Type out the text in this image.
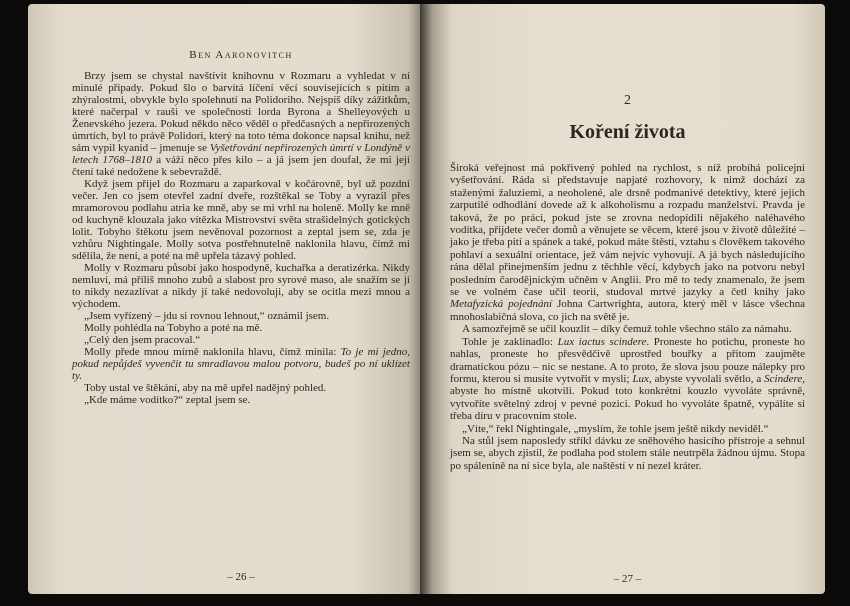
Ben Aaronovitch

Brzy jsem se chystal navštívit knihovnu v Rozmaru a vyhledat v ní minulé případy. Pokud šlo o barvitá líčení věcí souvisejících s pitím a zhýralostmi, obvykle bylo spolehnutí na Polidoriho. Nejspíš díky zážitkům, které načerpal v rauši ve společnosti lorda Byrona a Shelleyových u Ženevského jezera. Pokud někdo něco věděl o předčasných a nepřirozených úmrtích, byl to právě Polidori, který na toto téma dokonce napsal knihu, než sám vypil kyanid – jmenuje se Vyšetřování nepřirozených úmrtí v Londýně v letech 1768–1810 a váží něco přes kilo – a já jsem jen doufal, že mi její čtení také nedožene k sebevraždě.

Když jsem přijel do Rozmaru a zaparkoval v kočárovně, byl už pozdní večer. Jen co jsem otevřel zadní dveře, rozštěkal se Toby a vyrazil přes mramorovou podlahu atria ke mně, aby se mi vrhl na holeně. Molly ke mně od kuchyně klouzala jako vítězka Mistrovství světa strašidelných gotických lolit. Tobyho štěkotu jsem nevěnoval pozornost a zeptal jsem se, zda je vzhůru Nightingale. Molly sotva postřehnutelně naklonila hlavu, čímž mi sdělila, že není, a poté na mě upřela tázavý pohled.

Molly v Rozmaru působí jako hospodyně, kuchařka a deratizérka. Nikdy nemluví, má příliš mnoho zubů a slabost pro syrové maso, ale snažím se jí to nikdy nezazlívat a nikdy jí také nedovoluji, aby se ocitla mezi mnou a východem.

„Jsem vyřízený – jdu si rovnou lehnout,“ oznámil jsem.

Molly pohlédla na Tobyho a poté na mě.

„Celý den jsem pracoval.“

Molly přede mnou mírně naklonila hlavu, čímž mínila: To je mi jedno, pokud nepůjdeš vyvenčit tu smradlavou malou potvoru, budeš po ní uklízet ty.

Toby ustal ve štěkání, aby na mě upřel nadějný pohled.

„Kde máme vodítko?“ zeptal jsem se.

– 26 –
2
Koření života

Široká veřejnost má pokřivený pohled na rychlost, s níž probíhá policejní vyšetřování. Ráda si představuje napjaté rozhovory, k nimž dochází za staženými žaluziemi, a neoholené, ale drsně podmanivé detektivy, které jejich zarputilé odhodlání dovede až k alkoholismu a rozpadu manželství. Pravda je taková, že po práci, pokud jste se zrovna nedopídili nějakého naléhavého vodítka, přijdete večer domů a věnujete se věcem, které jsou v životě důležité – jako je třeba pití a spánek a také, pokud máte štěstí, vztahu s člověkem takového pohlaví a sexuální orientace, jež vám nejvíc vyhovují. A já bych následujícího rána dělal přinejmenším jednu z těchhle věcí, kdybych jako na potvoru nebyl posledním čarodějnickým učněm v Anglii. Pro mě to tedy znamenalo, že jsem se ve volném čase učil teorii, studoval mrtvé jazyky a četl knihy jako Metafyzická pojednání Johna Cartwrighta, autora, který měl v lásce všechna mnohoslabičná slova, co jich na světě je.

A samozřejmě se učil kouzlit – díky čemuž tohle všechno stálo za námahu.

Tohle je zaklínadlo: Lux iactus scindere. Proneste ho potichu, proneste ho nahlas, proneste ho přesvědčivě uprostřed bouřky a přitom zaujměte dramatickou pózu – nic se nestane. A to proto, že slova jsou pouze nálepky pro formu, kterou si musíte vytvořit v mysli; Lux, abyste vyvolali světlo, a Scindere, abyste ho místně ukotvili. Pokud toto konkrétní kouzlo vyvoláte správně, vytvoříte světelný zdroj v pevné pozici. Pokud ho vyvoláte špatně, vypálíte si třeba díru v pracovním stole.

„Víte,“ řekl Nightingale, „myslím, že tohle jsem ještě nikdy neviděl.“

Na stůl jsem naposledy stříkl dávku ze sněhového hasicího přístroje a sehnul jsem se, abych zjistil, že podlaha pod stolem stále neutrpěla žádnou újmu. Stopa po spálenině na ní sice byla, ale naštěstí v ní nezel kráter.

– 27 –
